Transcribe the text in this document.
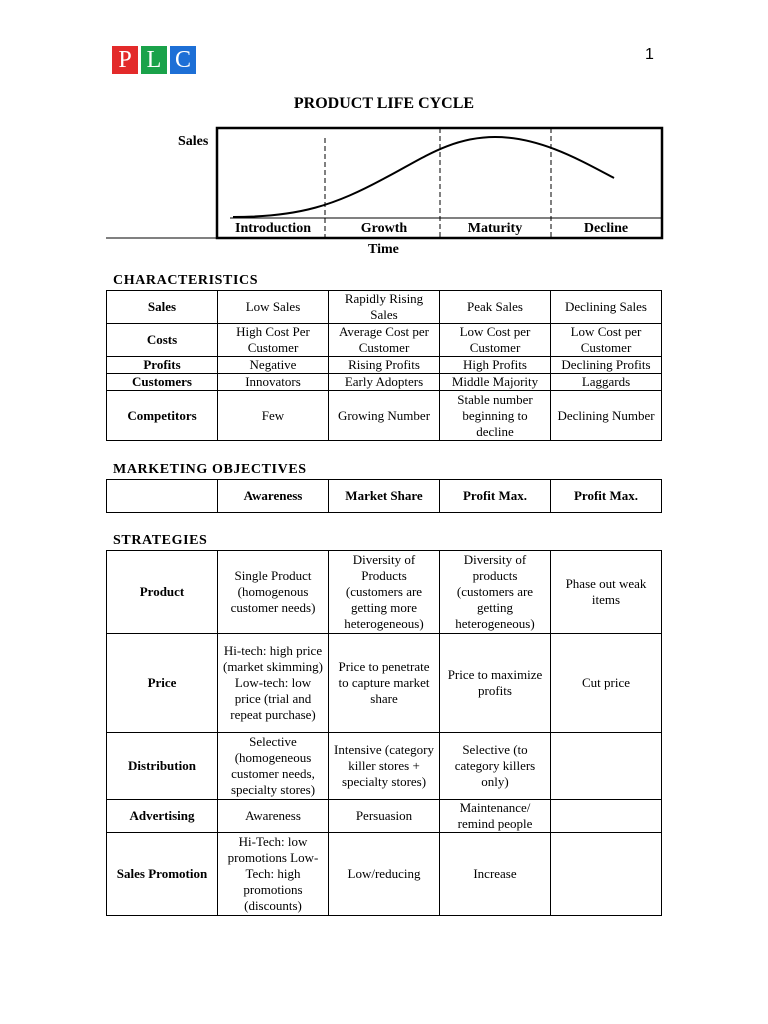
P L C	1
PRODUCT LIFE CYCLE
Sales
Time
Introduction	Growth	Maturity	Decline
CHARACTERISTICS
Sales	Low Sales	Rapidly Rising Sales	Peak Sales	Declining Sales
Costs	High Cost Per Customer	Average Cost per Customer	Low Cost per Customer	Low Cost per Customer
Profits	Negative	Rising Profits	High Profits	Declining Profits
Customers	Innovators	Early Adopters	Middle Majority	Laggards
Competitors	Few	Growing Number	Stable number beginning to decline	Declining Number
MARKETING OBJECTIVES
	Awareness	Market Share	Profit Max.	Profit Max.
STRATEGIES
Product	Single Product (homogenous customer needs)	Diversity of Products (customers are getting more heterogeneous)	Diversity of products (customers are getting heterogeneous)	Phase out weak items
Price	Hi-tech: high price (market skimming) Low-tech: low price (trial and repeat purchase)	Price to penetrate to capture market share	Price to maximize profits	Cut price
Distribution	Selective (homogeneous customer needs, specialty stores)	Intensive (category killer stores + specialty stores)	Selective (to category killers only)	
Advertising	Awareness	Persuasion	Maintenance/ remind people	
Sales Promotion	Hi-Tech: low promotions Low-Tech: high promotions (discounts)	Low/reducing	Increase	
